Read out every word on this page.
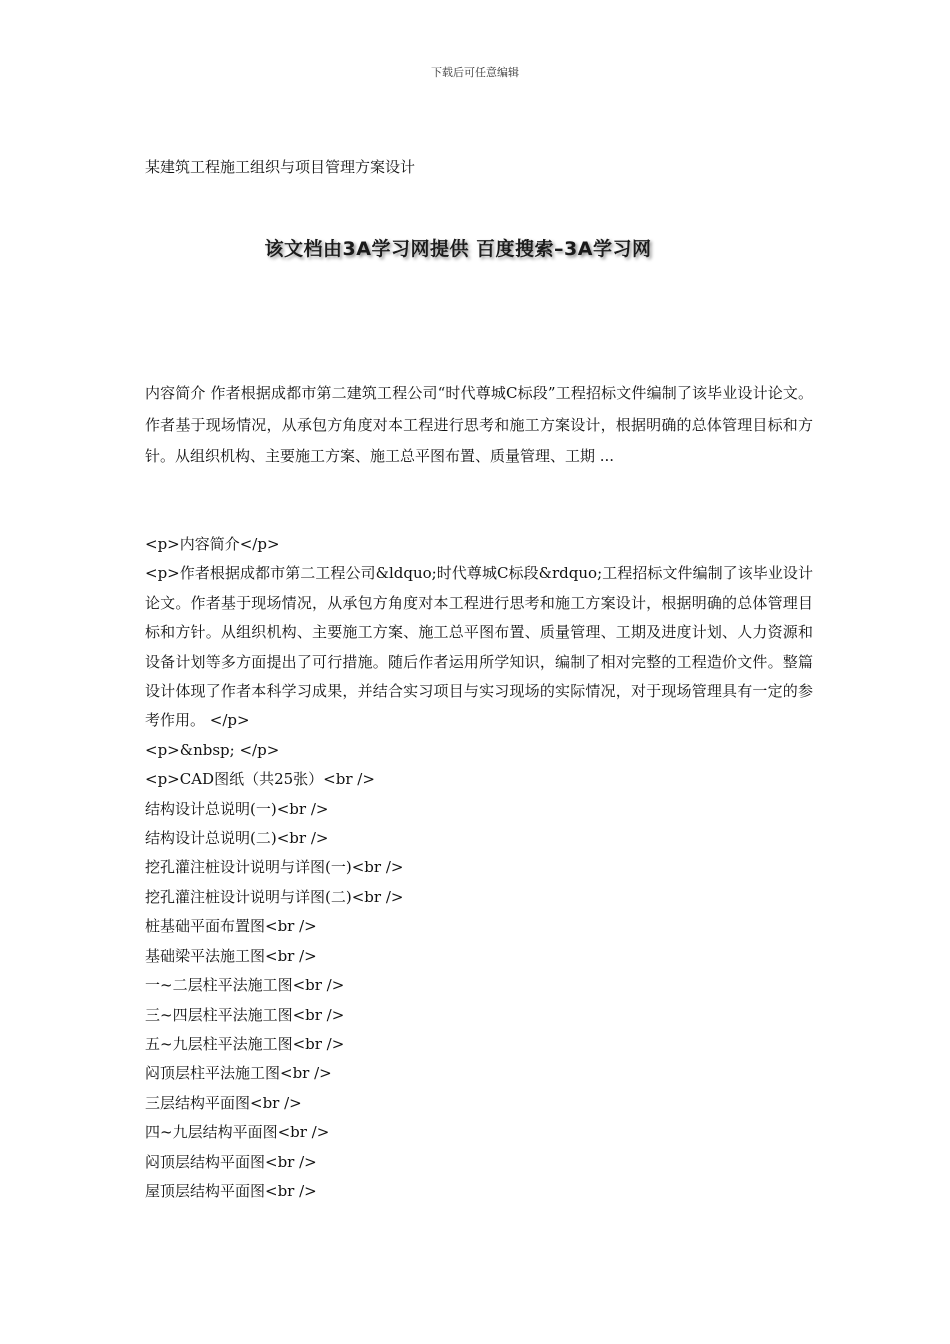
下载后可任意编辑
某建筑工程施工组织与项目管理方案设计
该文档由3A学习网提供 百度搜索–3A学习网
内容简介 作者根据成都市第二建筑工程公司“时代尊城C标段”工程招标文件编制了该毕业设计论文。作者基于现场情况，从承包方角度对本工程进行思考和施工方案设计，根据明确的总体管理目标和方针。从组织机构、主要施工方案、施工总平图布置、质量管理、工期 ...
<p>内容简介</p>
<p>作者根据成都市第二工程公司&ldquo;时代尊城C标段&rdquo;工程招标文件编制了该毕业设计论文。作者基于现场情况，从承包方角度对本工程进行思考和施工方案设计，根据明确的总体管理目标和方针。从组织机构、主要施工方案、施工总平图布置、质量管理、工期及进度计划、人力资源和设备计划等多方面提出了可行措施。随后作者运用所学知识，编制了相对完整的工程造价文件。整篇设计体现了作者本科学习成果，并结合实习项目与实习现场的实际情况，对于现场管理具有一定的参考作用。 </p>
<p>&nbsp; </p>
<p>CAD图纸（共25张）<br />
结构设计总说明(一)<br />
结构设计总说明(二)<br />
挖孔灌注桩设计说明与详图(一)<br />
挖孔灌注桩设计说明与详图(二)<br />
桩基础平面布置图<br />
基础梁平法施工图<br />
一~二层柱平法施工图<br />
三~四层柱平法施工图<br />
五~九层柱平法施工图<br />
闷顶层柱平法施工图<br />
三层结构平面图<br />
四~九层结构平面图<br />
闷顶层结构平面图<br />
屋顶层结构平面图<br />
